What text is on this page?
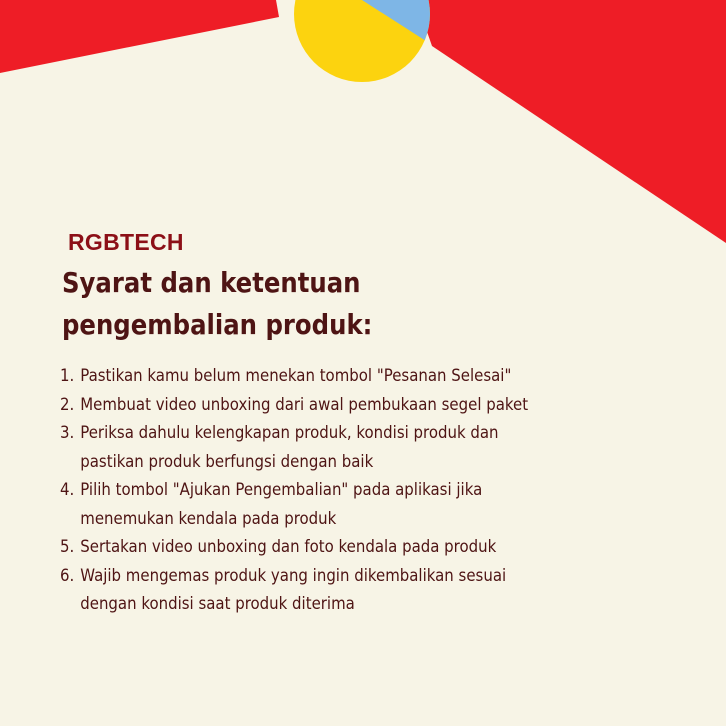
RGBTECH
Syarat dan ketentuan
pengembalian produk:
1. Pastikan kamu belum menekan tombol "Pesanan Selesai"
2. Membuat video unboxing dari awal pembukaan segel paket
3. Periksa dahulu kelengkapan produk, kondisi produk dan
pastikan produk berfungsi dengan baik
4. Pilih tombol "Ajukan Pengembalian" pada aplikasi jika
menemukan kendala pada produk
5. Sertakan video unboxing dan foto kendala pada produk
6. Wajib mengemas produk yang ingin dikembalikan sesuai
dengan kondisi saat produk diterima
